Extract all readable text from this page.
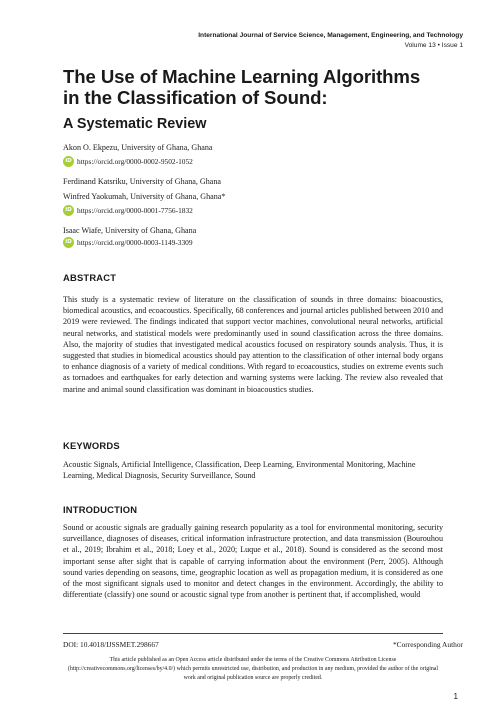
International Journal of Service Science, Management, Engineering, and Technology
Volume 13 • Issue 1
The Use of Machine Learning Algorithms
in the Classification of Sound:
A Systematic Review
Akon O. Ekpezu, University of Ghana, Ghana
iD https://orcid.org/0000-0002-9502-1052
Ferdinand Katsriku, University of Ghana, Ghana
Winfred Yaokumah, University of Ghana, Ghana*
iD https://orcid.org/0000-0001-7756-1832
Isaac Wiafe, University of Ghana, Ghana
iD https://orcid.org/0000-0003-1149-3309
ABSTRACT
This study is a systematic review of literature on the classification of sounds in three domains: bioacoustics, biomedical acoustics, and ecoacoustics. Specifically, 68 conferences and journal articles published between 2010 and 2019 were reviewed. The findings indicated that support vector machines, convolutional neural networks, artificial neural networks, and statistical models were predominantly used in sound classification across the three domains. Also, the majority of studies that investigated medical acoustics focused on respiratory sounds analysis. Thus, it is suggested that studies in biomedical acoustics should pay attention to the classification of other internal body organs to enhance diagnosis of a variety of medical conditions. With regard to ecoacoustics, studies on extreme events such as tornadoes and earthquakes for early detection and warning systems were lacking. The review also revealed that marine and animal sound classification was dominant in bioacoustics studies.
KEYWORDS
Acoustic Signals, Artificial Intelligence, Classification, Deep Learning, Environmental Monitoring, Machine Learning, Medical Diagnosis, Security Surveillance, Sound
INTRODUCTION
Sound or acoustic signals are gradually gaining research popularity as a tool for environmental monitoring, security surveillance, diagnoses of diseases, critical information infrastructure protection, and data transmission (Bourouhou et al., 2019; Ibrahim et al., 2018; Loey et al., 2020; Luque et al., 2018). Sound is considered as the second most important sense after sight that is capable of carrying information about the environment (Perr, 2005). Although sound varies depending on seasons, time, geographic location as well as propagation medium, it is considered as one of the most significant signals used to monitor and detect changes in the environment. Accordingly, the ability to differentiate (classify) one sound or acoustic signal type from another is pertinent that, if accomplished, would
DOI: 10.4018/IJSSMET.298667	*Corresponding Author
This article published as an Open Access article distributed under the terms of the Creative Commons Attribution License (http://creativecommons.org/licenses/by/4.0/) which permits unrestricted use, distribution, and production in any medium, provided the author of the original work and original publication source are properly credited.
1
